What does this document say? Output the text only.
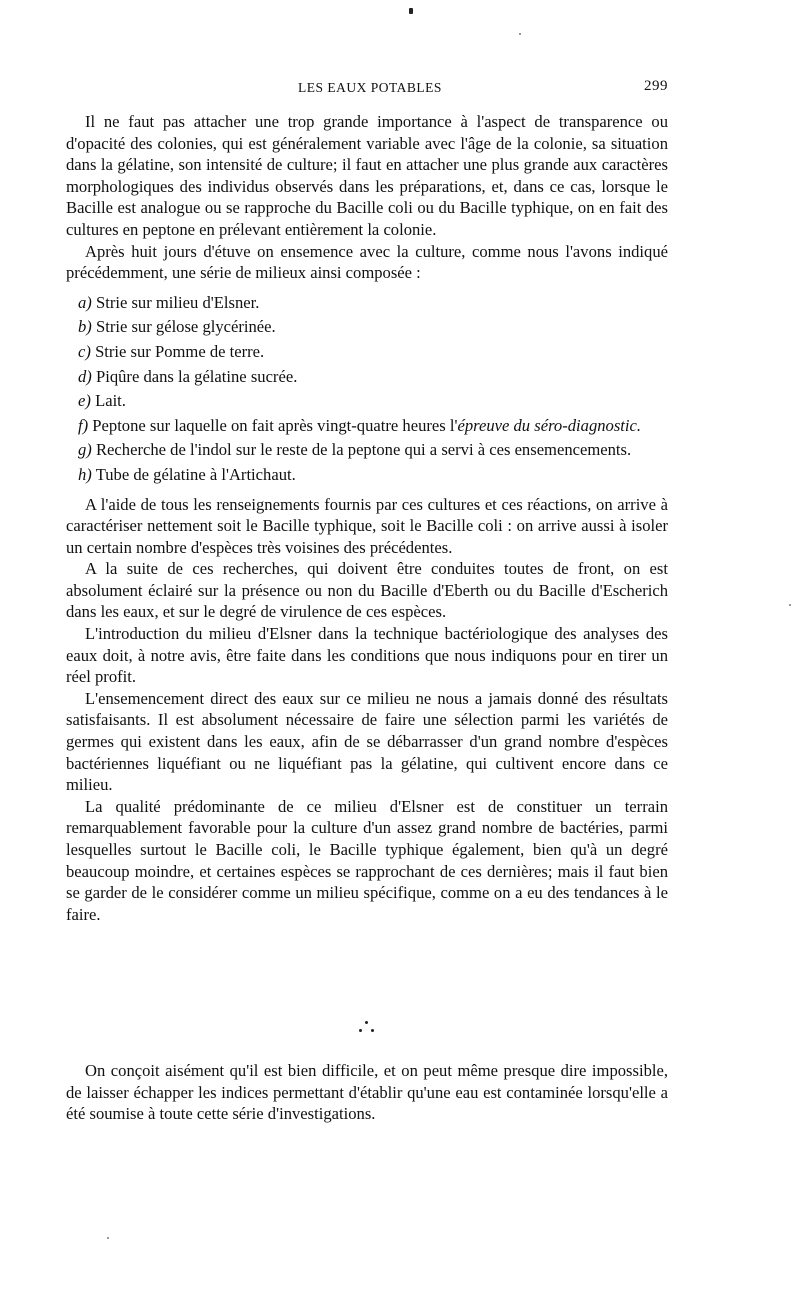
LES EAUX POTABLES	299

Il ne faut pas attacher une trop grande importance à l'aspect de transparence ou d'opacité des colonies, qui est généralement variable avec l'âge de la colonie, sa situation dans la gélatine, son intensité de culture; il faut en attacher une plus grande aux caractères morphologiques des individus observés dans les préparations, et, dans ce cas, lorsque le Bacille est analogue ou se rapproche du Bacille coli ou du Bacille typhique, on en fait des cultures en peptone en prélevant entièrement la colonie.

Après huit jours d'étuve on ensemence avec la culture, comme nous l'avons indiqué précédemment, une série de milieux ainsi composée :

a) Strie sur milieu d'Elsner.
b) Strie sur gélose glycérinée.
c) Strie sur Pomme de terre.
d) Piqûre dans la gélatine sucrée.
e) Lait.
f) Peptone sur laquelle on fait après vingt-quatre heures l'épreuve du séro-diagnostic.
g) Recherche de l'indol sur le reste de la peptone qui a servi à ces ensemencements.
h) Tube de gélatine à l'Artichaut.

A l'aide de tous les renseignements fournis par ces cultures et ces réactions, on arrive à caractériser nettement soit le Bacille typhique, soit le Bacille coli : on arrive aussi à isoler un certain nombre d'espèces très voisines des précédentes.

A la suite de ces recherches, qui doivent être conduites toutes de front, on est absolument éclairé sur la présence ou non du Bacille d'Eberth ou du Bacille d'Escherich dans les eaux, et sur le degré de virulence de ces espèces.

L'introduction du milieu d'Elsner dans la technique bactériologique des analyses des eaux doit, à notre avis, être faite dans les conditions que nous indiquons pour en tirer un réel profit.

L'ensemencement direct des eaux sur ce milieu ne nous a jamais donné des résultats satisfaisants. Il est absolument nécessaire de faire une sélection parmi les variétés de germes qui existent dans les eaux, afin de se débarrasser d'un grand nombre d'espèces bactériennes liquéfiant ou ne liquéfiant pas la gélatine, qui cultivent encore dans ce milieu.

La qualité prédominante de ce milieu d'Elsner est de constituer un terrain remarquablement favorable pour la culture d'un assez grand nombre de bactéries, parmi lesquelles surtout le Bacille coli, le Bacille typhique également, bien qu'à un degré beaucoup moindre, et certaines espèces se rapprochant de ces dernières; mais il faut bien se garder de le considérer comme un milieu spécifique, comme on a eu des tendances à le faire.

On conçoit aisément qu'il est bien difficile, et on peut même presque dire impossible, de laisser échapper les indices permettant d'établir qu'une eau est contaminée lorsqu'elle a été soumise à toute cette série d'investigations.
